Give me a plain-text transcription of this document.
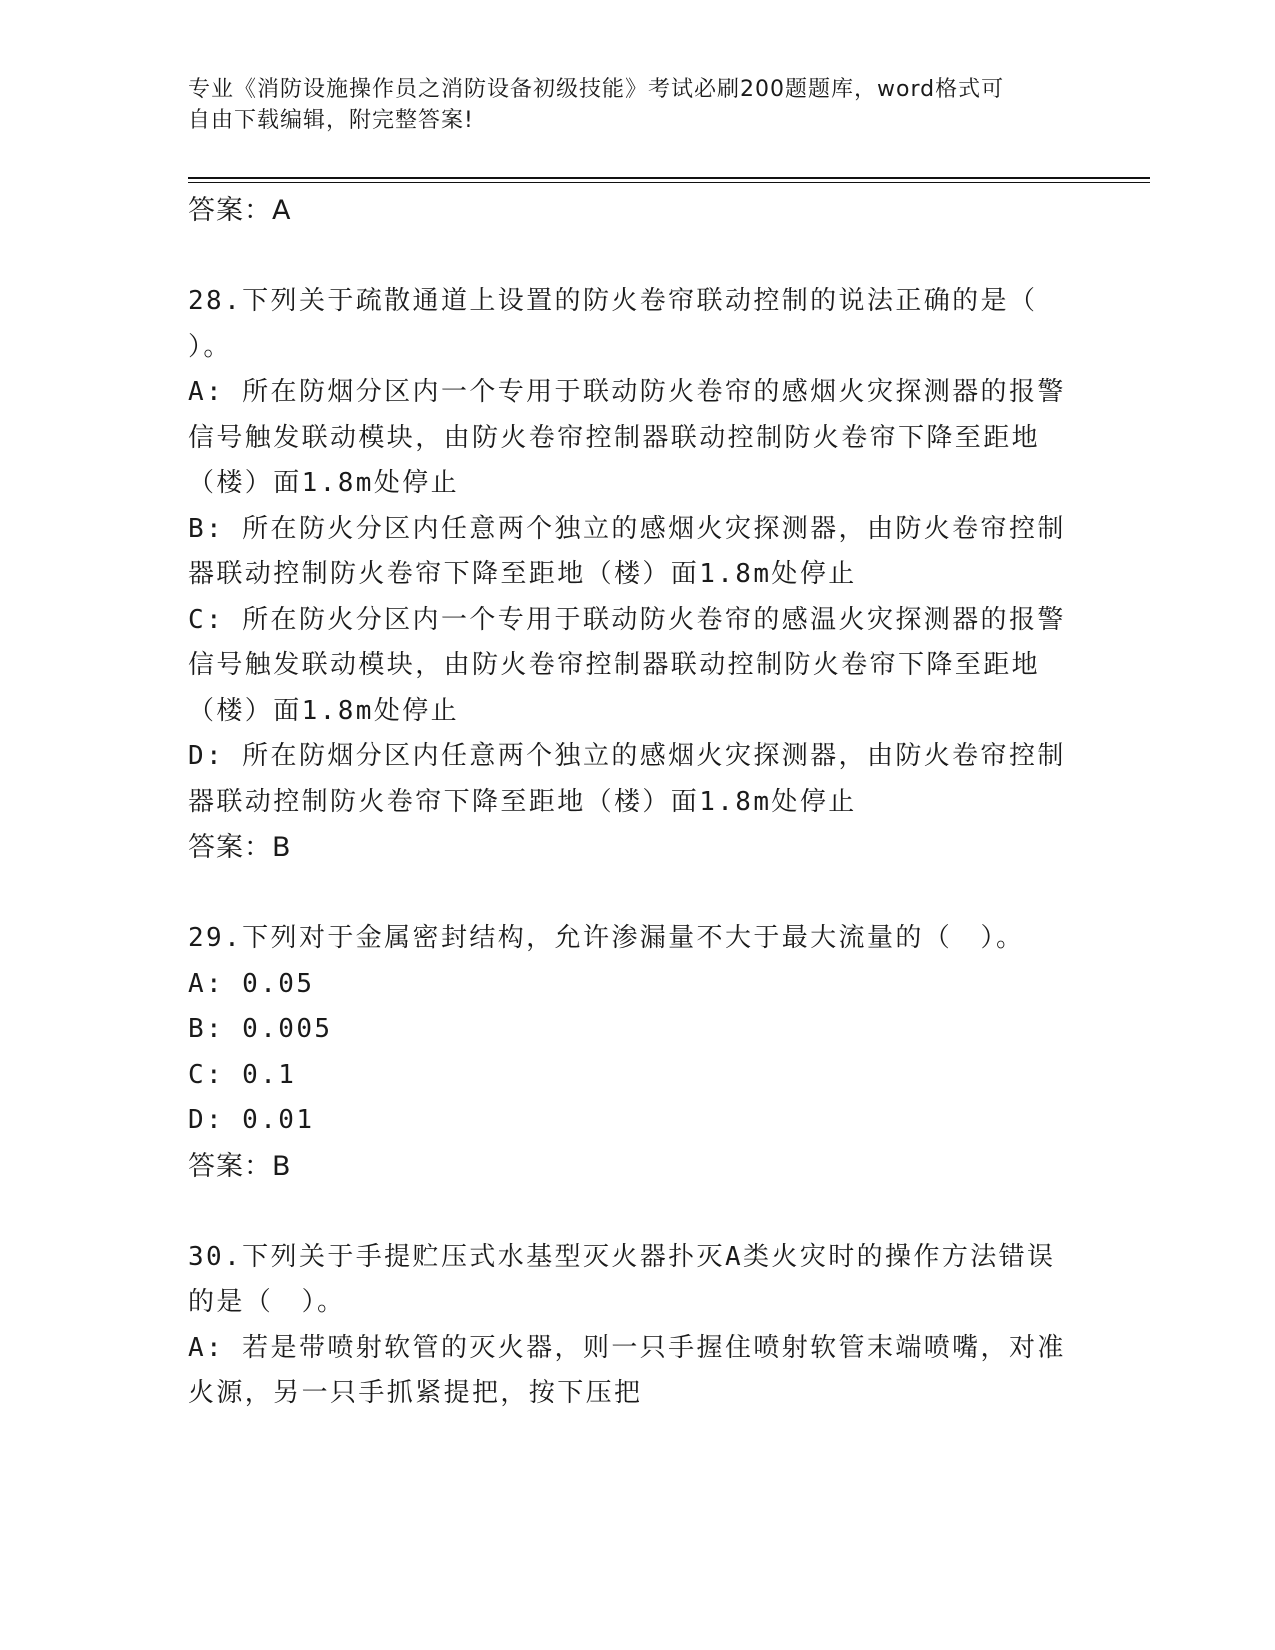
专业《消防设施操作员之消防设备初级技能》考试必刷200题题库，word格式可
自由下载编辑，附完整答案!
答案：A
28.下列关于疏散通道上设置的防火卷帘联动控制的说法正确的是（
）。
A: 所在防烟分区内一个专用于联动防火卷帘的感烟火灾探测器的报警
信号触发联动模块，由防火卷帘控制器联动控制防火卷帘下降至距地
（楼）面1.8m处停止
B: 所在防火分区内任意两个独立的感烟火灾探测器，由防火卷帘控制
器联动控制防火卷帘下降至距地（楼）面1.8m处停止
C: 所在防火分区内一个专用于联动防火卷帘的感温火灾探测器的报警
信号触发联动模块，由防火卷帘控制器联动控制防火卷帘下降至距地
（楼）面1.8m处停止
D: 所在防烟分区内任意两个独立的感烟火灾探测器，由防火卷帘控制
器联动控制防火卷帘下降至距地（楼）面1.8m处停止
答案：B
29.下列对于金属密封结构，允许渗漏量不大于最大流量的（　）。
A: 0.05
B: 0.005
C: 0.1
D: 0.01
答案：B
30.下列关于手提贮压式水基型灭火器扑灭A类火灾时的操作方法错误
的是（　）。
A: 若是带喷射软管的灭火器，则一只手握住喷射软管末端喷嘴，对准
火源，另一只手抓紧提把，按下压把
